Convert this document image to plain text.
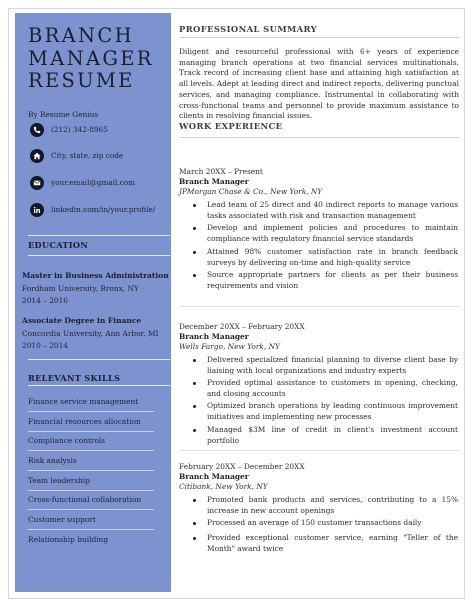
BRANCH
MANAGER
RESUME
By Resume Genius
(212) 342-8965
City, state, zip code
your.email@gmail.com
linkedin.com/in/your.profile/
EDUCATION
Master in Business Administration
Fordham University, Bronx, NY
2014 – 2016
Associate Degree in Finance
Concordia University, Ann Arbor, MI
2010 – 2014
RELEVANT SKILLS
Finance service management
Financial resources allocation
Compliance controls
Risk analysis
Team leadership
Cross-functional collaboration
Customer support
Relationship building
PROFESSIONAL SUMMARY
Diligent and resourceful professional with 6+ years of experience managing branch operations at two financial services multinationals. Track record of increasing client base and attaining high satisfaction at all levels. Adept at leading direct and indirect reports, delivering punctual services, and managing compliance. Instrumental in collaborating with cross-functional teams and personnel to provide maximum assistance to clients in resolving financial issues.
WORK EXPERIENCE
March 20XX – Present
Branch Manager
JPMorgan Chase & Co., New York, NY
Lead team of 25 direct and 40 indirect reports to manage various tasks associated with risk and transaction management
Develop and implement policies and procedures to maintain compliance with regulatory financial service standards
Attained 98% customer satisfaction rate in branch feedback surveys by delivering on-time and high-quality service
Source appropriate partners for clients as per their business requirements and vision
December 20XX – February 20XX
Branch Manager
Wells Fargo, New York, NY
Delivered specialized financial planning to diverse client base by liaising with local organizations and industry experts
Provided optimal assistance to customers in opening, checking, and closing accounts
Optimized branch operations by leading continuous improvement initiatives and implementing new processes
Managed $3M line of credit in client's investment account portfolio
February 20XX – December 20XX
Branch Manager
Citibank, New York, NY
Promoted bank products and services, contributing to a 15% increase in new account openings
Processed an average of 150 customer transactions daily
Provided exceptional customer service, earning "Teller of the Month" award twice
